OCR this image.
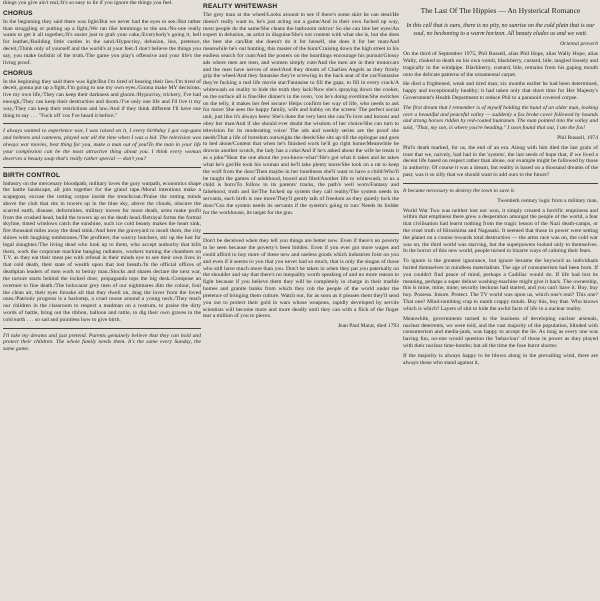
things you give ain't real,/It's so easy to lie if you ignore the things you feel.

CHORUS

In the beginning they said there was light/But we never had the eyes to see./But rather than struggling or putting up a fight,/We ran like lemmings to the sea./No-one really wants to get it all together,/It's easier just to grab your cake,/Everybody's going it, hell for leather,/Building little castles in the sand./Hypocrisy, delusion, lies, pretence, deceit,/Think only of yourself and the world's at your feet./I don't believe the things you say, you make bullshit of the truth./The game you play's offensive and your life's the living proof.

CHORUS

In the beginning they said there was light/But I'm tired of hearing their lies./I'm tired of deceit, gonna put up a fight,/I'm going to use my own eyes./Gonna make MY decisions, live my own life,/They can keep their darkness and gloom./Hypocrisy, trickery, I've had enough,/They can keep their destruction and doom./I've only one life and I'll live it my way,/They can keep their restrictions and law./And if they think different I'll have one thing to say . . . "Fuck off 'cos I've heard it before."

I always wanted to experience war, I was raised on it, I every birthday I got cap-guns and helmets and canteens, played war all the time when I was a kid. The television was always war movies, best thing for you, make a man out of you!To the man in your life your complexion can be the most attractive thing about you. I think every woman deserves a beauty soap that's really rather special — don't you?

BIRTH CONTROL

Industry on the mercenary bloodpath, military loves the gory warpath, economics shape the battle landscape, all join together for the grand rape./Moral intentions make a scapegoat, excuse the rotting corpse inside the trenchcoat./Praise the rotting minds above the club that sits in towers up in the blue sky, above the clouds, obscure the scarred earth, disease, deformities, military moves for more death, arms make profit from the crushed head, build the towers up on the death head./Betrayal forms the formal skyline, tinted windows catch the sunshine, such ice cold beauty makes the heart sink, fire thousand miles away the dead stink./And here the graveyard to insult them, the city shines with laughing tombstones./The profiteer, the warcry butchers, stir up the lust for legal slaughter./The living dead who look up to them, who accept authority that kills them, work the corporate machine banging radiators, workers turning the chambers on T.V. as they eat their meat pie with refusal in their minds eye to see their own lives in that cold death, their state of wealth upon that lost breath./In the official offices of deathplan leaders of men work to betray man./Stocks and shares declare the next war, the torture starts behind the locked door, propaganda tops the big desk./Compose an overture to fine death./The holocaust grey men of our nightmares dim the colour, foul the clean air, their eyes forsake all that they dwell on, drag the lover from the loved ones./Patriotic progress is a backstep, a cruel noose around a young neck./They teach our children in the classroom to respect a madman on a rostrum, to praise the dirty words of battle, bring out the ribbon, balloon and rattle, to dig their own graves in the cold earth . . . so sad and pointless how to give birth.

I'll take my dreams and just pretend. Parents genuinely believe that they can hold and protect their children. The whole family needs them. It's the same every Sunday, the same game.

REALITY WHITEWASH

The grey man at the wheel/Looks around to see if there's some skirt he can steal/He doesn't really want to, he's just acting out a game/And in their own fucked up way, most people do the same/She cleans the bathroom mirror/ So she can line her eyes/An expert in delusion, an artist in disguise/She's not content with what she is, but she does the best she can/But she doesn't do it for herself, she does it for her man/And meanwhile he's out hunting, this master of the hunt/Cruising down the high street in his endless search for cunt/And the posters on the hoardings encourage his pursuit/Glossy ads where men are men, and women simply cute/And the men are in their motorcars and the men have nerves of steel/And they dream of Charlies Angels as they firmly grip the wheel/And they fantasise they're screwing in the back seat of the car/Fantasise they're fucking a real life movie star/Fantasise to fill the gaps, to fill in every crack/A whitewash on reality to hide the truth they lack/Now she's spraying down the cooker, on the surface all is fine/Her dinner's in the oven, 'cos he's doing overtime/She switches on the telly, it makes her feel secure/ Helps confirm her way of life, who needs to ask for more/ She sees the happy family, wife and hubby on the screen/ The perfect social unit, just like it's always been/ She's done the very best she can/To love and honour and obey her man/And if she should ever doubt the wisdom of her choice/She can turn to television for its moderating voice/ The ads and weekly series are the proof she needs/That a life of boredom outweighs the deeds/She sits up till the epilogue and goes to bed alone/Content that when he's finished work he'll go right home/Meanwhile he drowns another scotch, the lady has a coke/And if he's asked about the wife he treats it as a joke/"Hear the one about the you-know-what"/He's got what it takes and he takes what he's got/He took his woman and he'll take plenty more/She took on a rat to keep the wolf from the door/Then maybe in her loneliness she'll want to have a child/Who'll be taught the games of adulthood, boxed and filed/Another life to whitewash, to us a child is born/To follow in its parents' tracks, the path's well worn/Fantasy and falsehood, truth and lie/The fucked up system they call reality/The system needs its servants, each birth is one more/They'll gently talk of freedom as they quietly lock the door/'Cos the system needs its servants if the system's going to run/ Needs its fodder for the workhouse, its target for the gun.

Don't be deceived when they tell you things are better now. Even if there's no poverty to be seen because the poverty's been hidden. Even if you ever got more wages and could afford to buy more of these new and useless goods which industries foist on you and even if it seems to you that you never had so much, that is only the slogan of those who still have much more than you. Don't be taken in when they pat you paternally on the shoulder and say that there's no inequality worth speaking of and no more reason to fight because if you believe them they will be completely in charge in their marble homes and granite banks from which they rob the people of the world under the pretence of bringing them culture. Watch out, for as soon as it pleases them they'll send you out to protect their gold in wars whose weapons, rapidly developed by servile scientists will become more and more deadly until they can with a flick of the finger tear a million of you to pieces.

Jean Paul Marat, died 1793

The Last Of The Hippies — An Hysterical Romance

In this cell that is ours, there is no pity, no sunrise on the cold plain that is our soul, no beckoning to a warm horizon. All beauty eludes us and we wait.

Oriental proverb

On the third of September 1975, Phil Russell, alias Phil Hope, alias Wally Hope, alias Wally, choked to death on his own vomit, blackberry, custard, bile, tangled loosely and tragically in the windpipe. Blackberry, custard, bile, remains from his gaping mouth onto the delicate patterns of the ornamental carpet.

He died a frightened, weak and tired man; six months earlier he had been determined, happy and exceptionally healthy; it had taken only that short time for Her Majesty's Government's Health Department to reduce Phil to a paranoid covered corpse.

The first dream that I remember is of myself holding the hand of an older man, looking over a beautiful and peaceful valley — suddenly a fox broke cover followed by hounds and strong horses ridden by red-coated huntsmen. The man pointed into the valley and said, "That, my son, is where you're heading." I soon found that out, I am the fox!

Phil Russell, 1974

Phil's death marked, for us, the end of an era. Along with him died the last grain of trust that we, naively, had had in the 'system', the last seeds of hope that, if we lived a decent life based on respect rather than abuse, our example might be followed by those in authority. Of course it was a dream, but reality is based on a thousand dreams of the past; was it so silly that we should want to add ours to the future?

It became necessary to destroy the town to save it.

Twentieth century logic from a military man.

World War Two was neither lost nor won, it simply created a horrific emptiness and within that emptiness there grew a desperation amongst the people of the world, a fear that civilisation had learnt nothing from the tragic lesson of the Nazi death-camps, or the cruel truth of Hiroshima and Nagasaki. It seemed that those in power were setting the planet on a course towards total destruction — the arms race was on, the cold war was on, the third world was starving, but the superpowers looked only to themselves. In the horror of this new world, people turned to bizarre ways of calming their fears.

To ignore is the greatest ignorance, but ignore became the keyword as individuals buried themselves in mindless materialism. The age of consumerism had been born. If you couldn't find peace of mind, perhaps a Cadillac would do. If life had lost its meaning, perhaps a super deluxe washing-machine might give it back. The ownership, this is mine, mine, mine; security beckons had started, and you can't have it. Buy, buy buy. Possess. Insure. Protect. The TV world was upon us, which one's real? This one? That one? Mind-numbing crap to numb crappy minds. Buy this, buy that. Who knows which is which? Layers of shit to hide the awful facts of life in a nuclear reality.

Meanwhile, governments turned to the business of developing nuclear arsenals, nuclear deterrents, we were told, and the vast majority of the population, blinded with consumerism and media-junk, was happy to accept the lie. As long as every one was having fun, no-one would question the 'behaviour' of those in power as they played with their nuclear time-bombs; but all the time the fuse burnt shorter.

If the majority is always happy to be blown along in the prevailing wind, there are always those who stand against it,
